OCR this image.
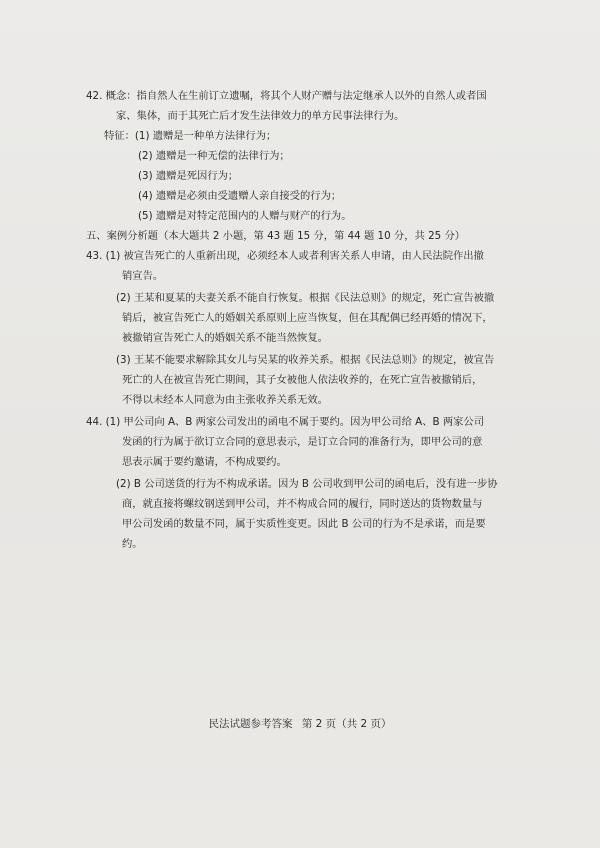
42. 概念：指自然人在生前订立遗嘱，将其个人财产赠与法定继承人以外的自然人或者国
家、集体，而于其死亡后才发生法律效力的单方民事法律行为。
特征：(1) 遗赠是一种单方法律行为；
(2) 遗赠是一种无偿的法律行为；
(3) 遗赠是死因行为；
(4) 遗赠是必须由受遗赠人亲自接受的行为；
(5) 遗赠是对特定范围内的人赠与财产的行为。
五、案例分析题（本大题共 2 小题，第 43 题 15 分，第 44 题 10 分，共 25 分）
43. (1) 被宣告死亡的人重新出现，必须经本人或者利害关系人申请，由人民法院作出撤
销宣告。
(2) 王某和夏某的夫妻关系不能自行恢复。根据《民法总则》的规定，死亡宣告被撤
销后，被宣告死亡人的婚姻关系原则上应当恢复，但在其配偶已经再婚的情况下，
被撤销宣告死亡人的婚姻关系不能当然恢复。
(3) 王某不能要求解除其女儿与吴某的收养关系。根据《民法总则》的规定，被宣告
死亡的人在被宣告死亡期间，其子女被他人依法收养的，在死亡宣告被撤销后，
不得以未经本人同意为由主张收养关系无效。
44. (1) 甲公司向 A、B 两家公司发出的函电不属于要约。因为甲公司给 A、B 两家公司
发函的行为属于欲订立合同的意思表示，是订立合同的准备行为，即甲公司的意
思表示属于要约邀请，不构成要约。
(2) B 公司送货的行为不构成承诺。因为 B 公司收到甲公司的函电后，没有进一步协
商，就直接将螺纹钢送到甲公司，并不构成合同的履行，同时送达的货物数量与
甲公司发函的数量不同，属于实质性变更。因此 B 公司的行为不是承诺，而是要
约。
民法试题参考答案 第 2 页（共 2 页）
